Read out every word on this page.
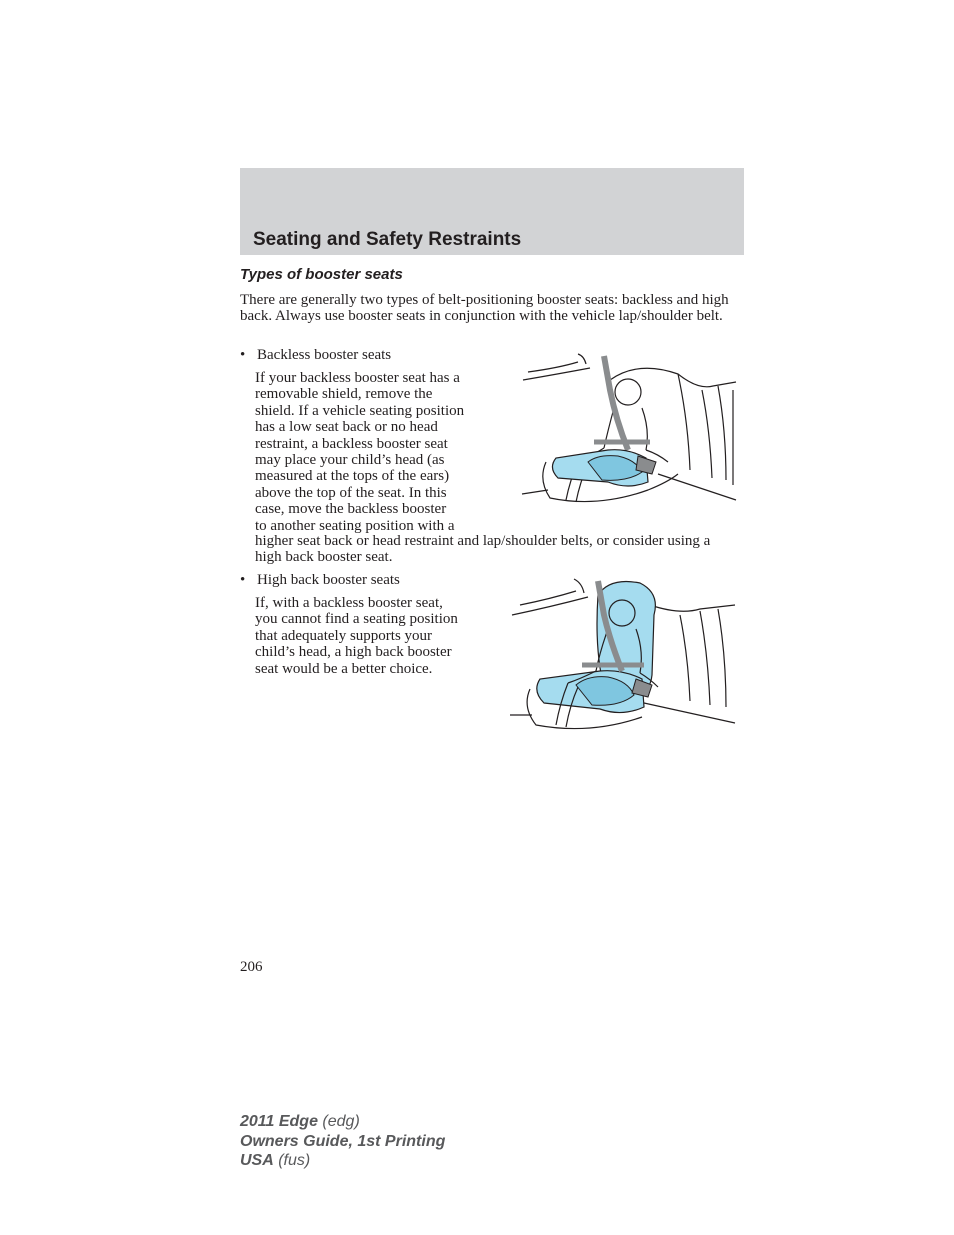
Seating and Safety Restraints
Types of booster seats

There are generally two types of belt-positioning booster seats: backless and high back. Always use booster seats in conjunction with the vehicle lap/shoulder belt.

• Backless booster seats

If your backless booster seat has a
removable shield, remove the
shield. If a vehicle seating position
has a low seat back or no head
restraint, a backless booster seat
may place your child’s head (as
measured at the tops of the ears)
above the top of the seat. In this
case, move the backless booster
to another seating position with a

higher seat back or head restraint and lap/shoulder belts, or consider using a high back booster seat.

• High back booster seats

If, with a backless booster seat,
you cannot find a seating position
that adequately supports your
child’s head, a high back booster
seat would be a better choice.

206

2011 Edge (edg)
Owners Guide, 1st Printing
USA (fus)
